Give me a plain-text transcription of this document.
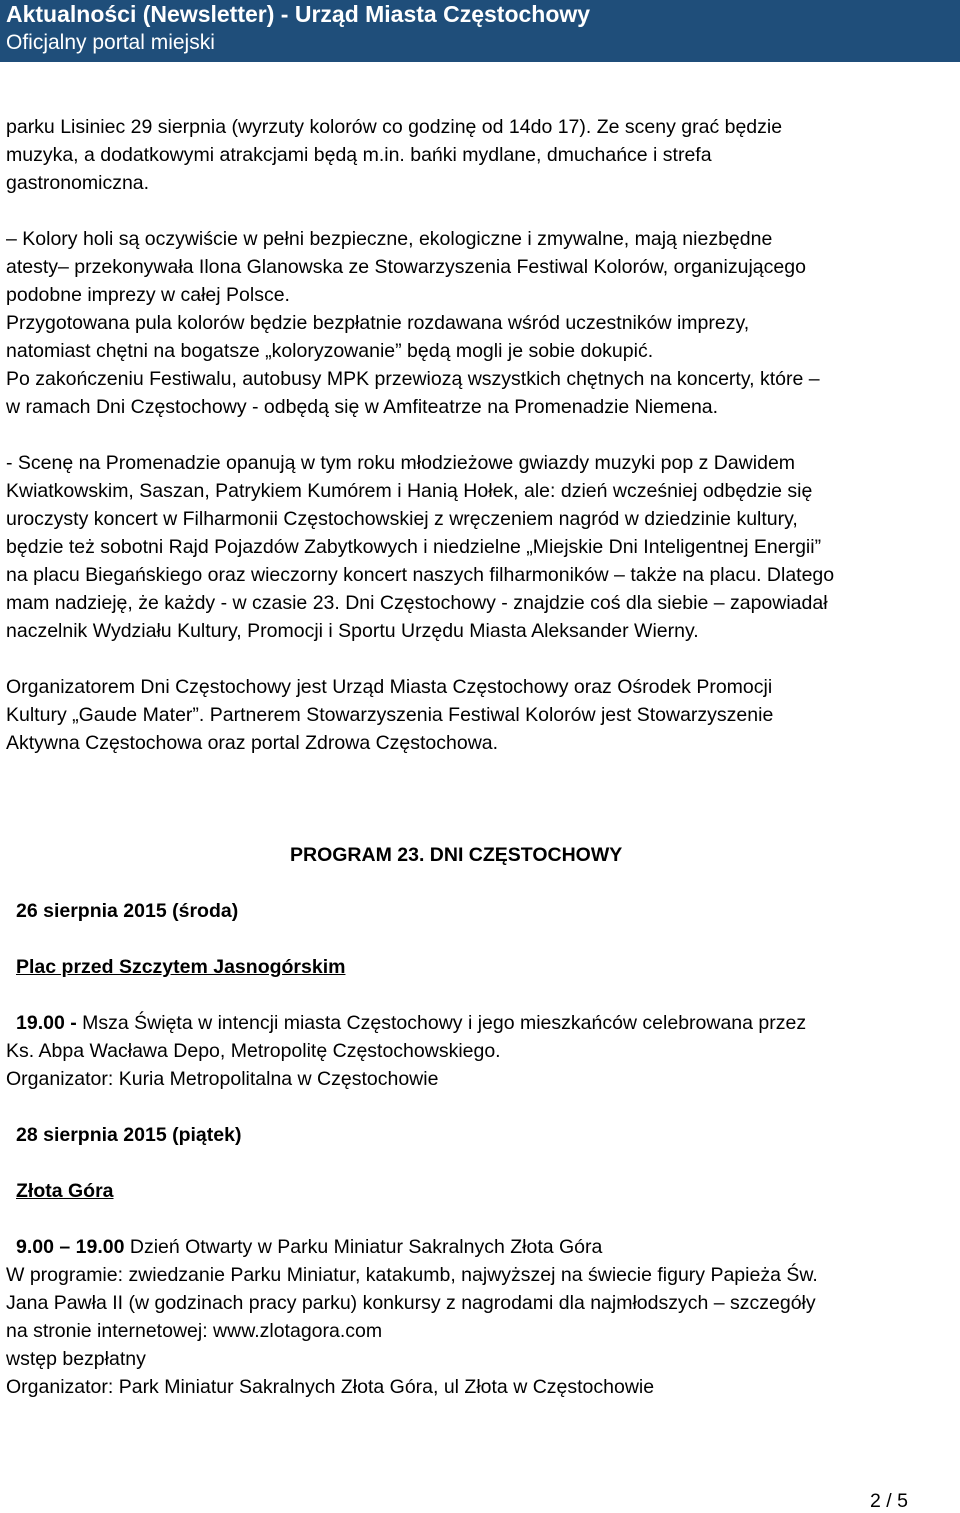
Aktualności (Newsletter) - Urząd Miasta Częstochowy
Oficjalny portal miejski
parku Lisiniec 29 sierpnia (wyrzuty kolorów co godzinę od 14do 17). Ze sceny grać będzie
muzyka, a dodatkowymi atrakcjami będą m.in. bańki mydlane, dmuchańce i strefa
gastronomiczna.
– Kolory holi są oczywiście w pełni bezpieczne, ekologiczne i zmywalne, mają niezbędne
atesty– przekonywała Ilona Glanowska ze Stowarzyszenia Festiwal Kolorów, organizującego
podobne imprezy w całej Polsce.
Przygotowana pula kolorów będzie bezpłatnie rozdawana wśród uczestników imprezy,
natomiast chętni na bogatsze „koloryzowanie” będą mogli je sobie dokupić.
Po zakończeniu Festiwalu, autobusy MPK przewiozą wszystkich chętnych na koncerty, które –
w ramach Dni Częstochowy - odbędą się w Amfiteatrze na Promenadzie Niemena.
- Scenę na Promenadzie opanują w tym roku młodzieżowe gwiazdy muzyki pop z Dawidem
Kwiatkowskim, Saszan, Patrykiem Kumórem i Hanią Hołek, ale: dzień wcześniej odbędzie się
uroczysty koncert w Filharmonii Częstochowskiej z wręczeniem nagród w dziedzinie kultury,
będzie też sobotni Rajd Pojazdów Zabytkowych i niedzielne „Miejskie Dni Inteligentnej Energii”
na placu Biegańskiego oraz wieczorny koncert naszych filharmoników – także na placu. Dlatego
mam nadzieję, że każdy - w czasie 23. Dni Częstochowy - znajdzie coś dla siebie – zapowiadał
naczelnik Wydziału Kultury, Promocji i Sportu Urzędu Miasta Aleksander Wierny.
Organizatorem Dni Częstochowy jest Urząd Miasta Częstochowy oraz Ośrodek Promocji
Kultury „Gaude Mater”. Partnerem Stowarzyszenia Festiwal Kolorów jest Stowarzyszenie
Aktywna Częstochowa oraz portal Zdrowa Częstochowa.
PROGRAM 23. DNI CZĘSTOCHOWY
26 sierpnia 2015 (środa)
Plac przed Szczytem Jasnogórskim
19.00 - Msza Święta w intencji miasta Częstochowy i jego mieszkańców celebrowana przez
Ks. Abpa Wacława Depo, Metropolitę Częstochowskiego.
Organizator: Kuria Metropolitalna w Częstochowie
28 sierpnia 2015 (piątek)
Złota Góra
9.00 – 19.00 Dzień Otwarty w Parku Miniatur Sakralnych Złota Góra
W programie: zwiedzanie Parku Miniatur, katakumb, najwyższej na świecie figury Papieża Św.
Jana Pawła II (w godzinach pracy parku) konkursy z nagrodami dla najmłodszych – szczegóły
na stronie internetowej: www.zlotagora.com
wstęp bezpłatny
Organizator: Park Miniatur Sakralnych Złota Góra, ul Złota w Częstochowie
2 / 5
